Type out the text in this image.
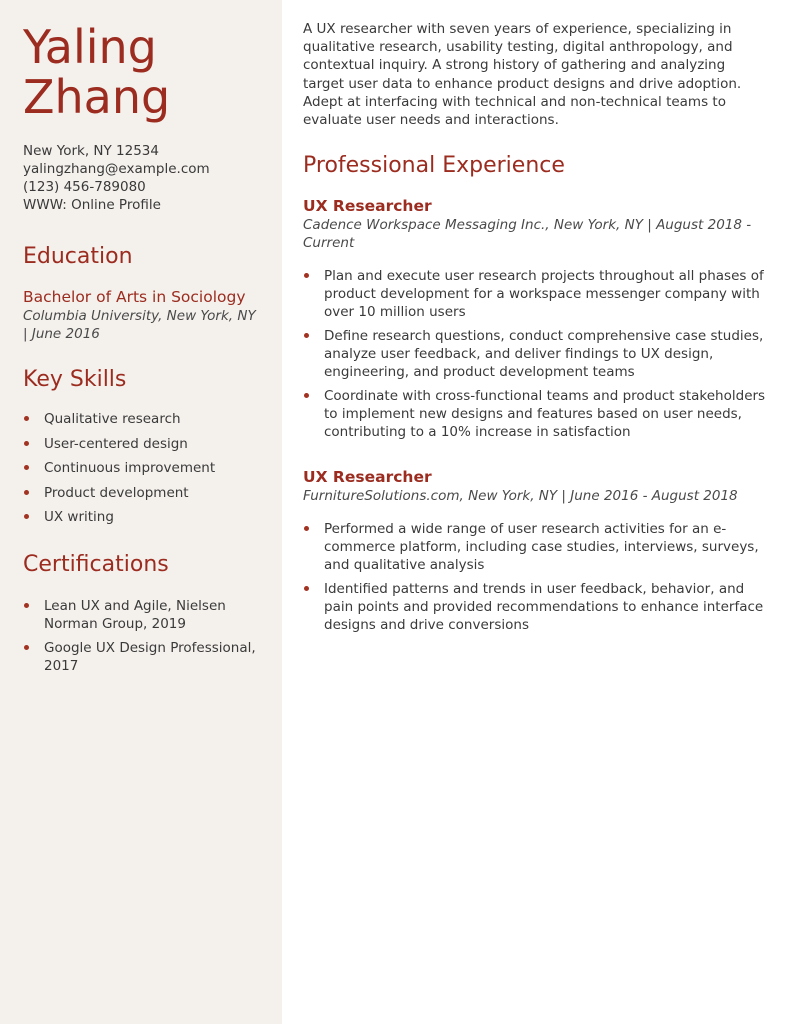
Yaling
Zhang
New York, NY 12534
yalingzhang@example.com
(123) 456-789080
WWW: Online Profile
Education
Bachelor of Arts in Sociology
Columbia University, New York, NY | June 2016
Key Skills
Qualitative research
User-centered design
Continuous improvement
Product development
UX writing
Certifications
Lean UX and Agile, Nielsen Norman Group, 2019
Google UX Design Professional, 2017

A UX researcher with seven years of experience, specializing in qualitative research, usability testing, digital anthropology, and contextual inquiry. A strong history of gathering and analyzing target user data to enhance product designs and drive adoption. Adept at interfacing with technical and non-technical teams to evaluate user needs and interactions.

Professional Experience
UX Researcher
Cadence Workspace Messaging Inc., New York, NY | August 2018 - Current
Plan and execute user research projects throughout all phases of product development for a workspace messenger company with over 10 million users
Define research questions, conduct comprehensive case studies, analyze user feedback, and deliver findings to UX design, engineering, and product development teams
Coordinate with cross-functional teams and product stakeholders to implement new designs and features based on user needs, contributing to a 10% increase in satisfaction
UX Researcher
FurnitureSolutions.com, New York, NY | June 2016 - August 2018
Performed a wide range of user research activities for an e-commerce platform, including case studies, interviews, surveys, and qualitative analysis
Identified patterns and trends in user feedback, behavior, and pain points and provided recommendations to enhance interface designs and drive conversions
